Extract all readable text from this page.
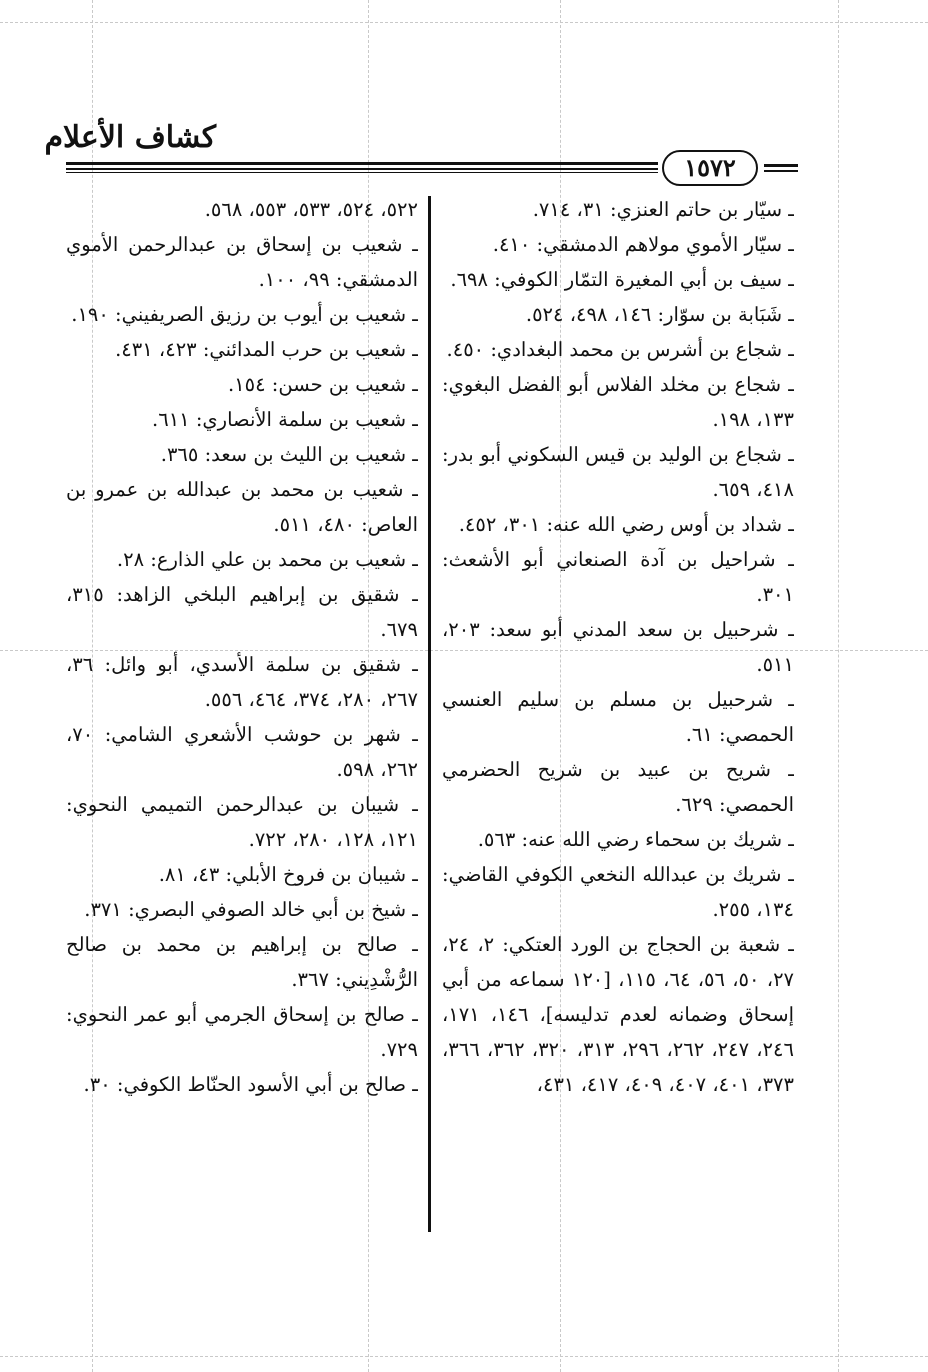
كشاف الأعلام
١٥٧٢

ـ سيّار بن حاتم العنزي: ٣١، ٧١٤.

ـ سيّار الأموي مولاهم الدمشقي: ٤١٠.

ـ سيف بن أبي المغيرة التمّار الكوفي: ٦٩٨.

ـ شَبَابة بن سوّار: ١٤٦، ٤٩٨، ٥٢٤.

ـ شجاع بن أشرس بن محمد البغدادي: ٤٥٠.

ـ شجاع بن مخلد الفلاس أبو الفضل البغوي: ١٣٣، ١٩٨.

ـ شجاع بن الوليد بن قيس السكوني أبو بدر: ٤١٨، ٦٥٩.

ـ شداد بن أوس رضي الله عنه: ٣٠١، ٤٥٢.

ـ شراحيل بن آدة الصنعاني أبو الأشعث: ٣٠١.

ـ شرحبيل بن سعد المدني أبو سعد: ٢٠٣، ٥١١.

ـ شرحبيل بن مسلم بن سليم العنسي الحمصي: ٦١.

ـ شريح بن عبيد بن شريح الحضرمي الحمصي: ٦٢٩.

ـ شريك بن سحماء رضي الله عنه: ٥٦٣.

ـ شريك بن عبدالله النخعي الكوفي القاضي: ١٣٤، ٢٥٥.

ـ شعبة بن الحجاج بن الورد العتكي: ٢، ٢٤، ٢٧، ٥٠، ٥٦، ٦٤، ١١٥، [١٢٠ سماعه من أبي إسحاق وضمانه لعدم تدليسه]، ١٤٦، ١٧١، ٢٤٦، ٢٤٧، ٢٦٢، ٢٩٦، ٣١٣، ٣٢٠، ٣٦٢، ٣٦٦، ٣٧٣، ٤٠١، ٤٠٧، ٤٠٩، ٤١٧، ٤٣١،

٥٢٢، ٥٢٤، ٥٣٣، ٥٥٣، ٥٦٨.

ـ شعيب بن إسحاق بن عبدالرحمن الأموي الدمشقي: ٩٩، ١٠٠.

ـ شعيب بن أيوب بن رزيق الصريفيني: ١٩٠.

ـ شعيب بن حرب المدائني: ٤٢٣، ٤٣١.

ـ شعيب بن حسن: ١٥٤.

ـ شعيب بن سلمة الأنصاري: ٦١١.

ـ شعيب بن الليث بن سعد: ٣٦٥.

ـ شعيب بن محمد بن عبدالله بن عمرو بن العاص: ٤٨٠، ٥١١.

ـ شعيب بن محمد بن علي الذارع: ٢٨.

ـ شقيق بن إبراهيم البلخي الزاهد: ٣١٥، ٦٧٩.

ـ شقيق بن سلمة الأسدي، أبو وائل: ٣٦، ٢٦٧، ٢٨٠، ٣٧٤، ٤٦٤، ٥٥٦.

ـ شهر بن حوشب الأشعري الشامي: ٧٠، ٢٦٢، ٥٩٨.

ـ شيبان بن عبدالرحمن التميمي النحوي: ١٢١، ١٢٨، ٢٨٠، ٧٢٢.

ـ شيبان بن فروخ الأبلي: ٤٣، ٨١.

ـ شيخ بن أبي خالد الصوفي البصري: ٣٧١.

ـ صالح بن إبراهيم بن محمد بن صالح الرُّشْدِيني: ٣٦٧.

ـ صالح بن إسحاق الجرمي أبو عمر النحوي: ٧٢٩.

ـ صالح بن أبي الأسود الحنّاط الكوفي: ٣٠.
